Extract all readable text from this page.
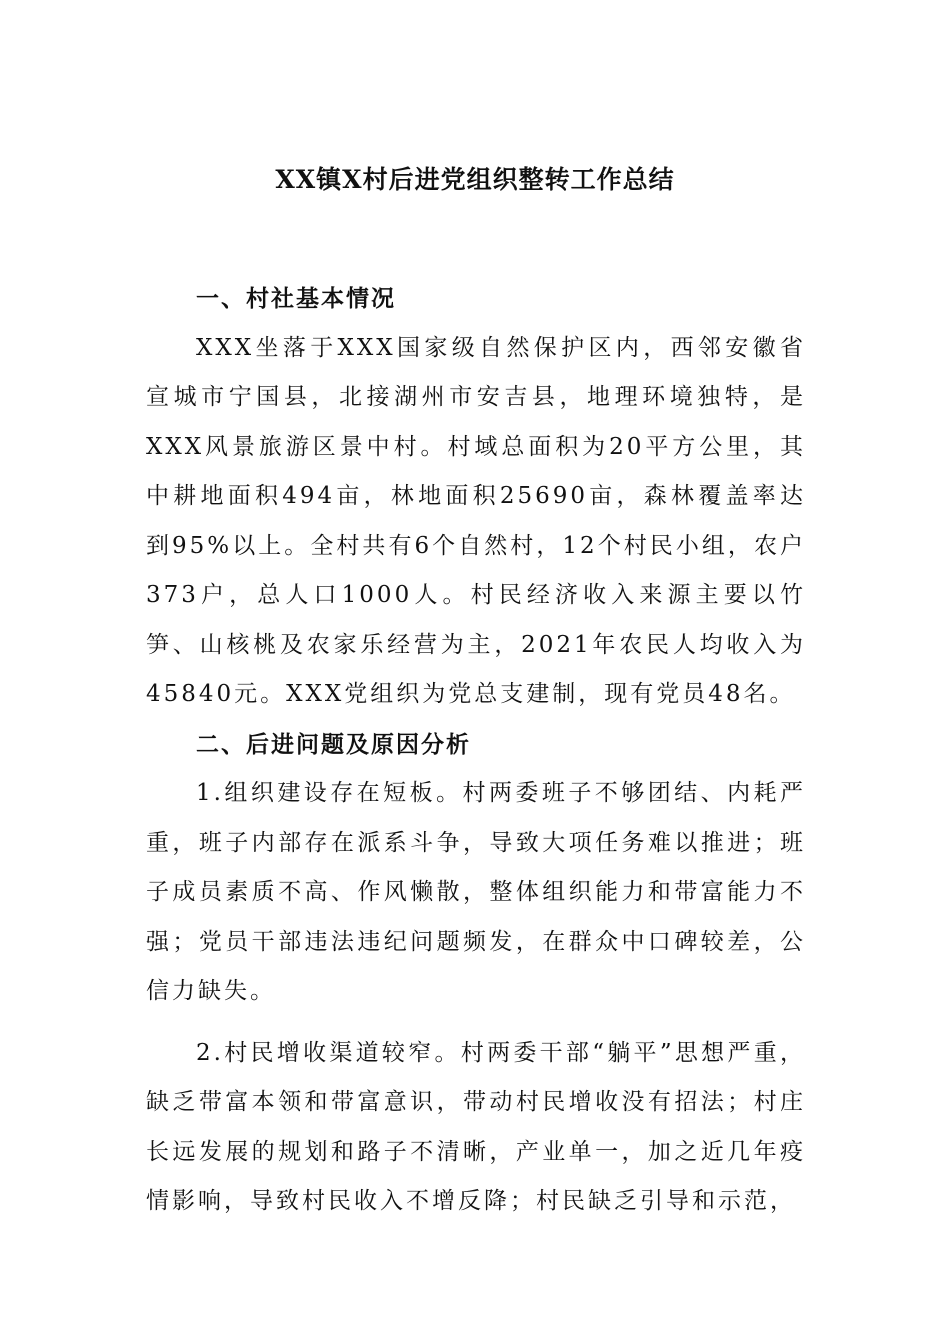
XX镇X村后进党组织整转工作总结
一、村社基本情况

XXX坐落于XXX国家级自然保护区内，西邻安徽省宣城市宁国县，北接湖州市安吉县，地理环境独特，是XXX风景旅游区景中村。村域总面积为20平方公里，其中耕地面积494亩，林地面积25690亩，森林覆盖率达到95%以上。全村共有6个自然村，12个村民小组，农户373户，总人口1000人。村民经济收入来源主要以竹笋、山核桃及农家乐经营为主，2021年农民人均收入为45840元。XXX党组织为党总支建制，现有党员48名。

二、后进问题及原因分析

1.组织建设存在短板。村两委班子不够团结、内耗严重，班子内部存在派系斗争，导致大项任务难以推进；班子成员素质不高、作风懒散，整体组织能力和带富能力不强；党员干部违法违纪问题频发，在群众中口碑较差，公信力缺失。

2.村民增收渠道较窄。村两委干部“躺平”思想严重，缺乏带富本领和带富意识，带动村民增收没有招法；村庄长远发展的规划和路子不清晰，产业单一，加之近几年疫情影响，导致村民收入不增反降；村民缺乏引导和示范，
